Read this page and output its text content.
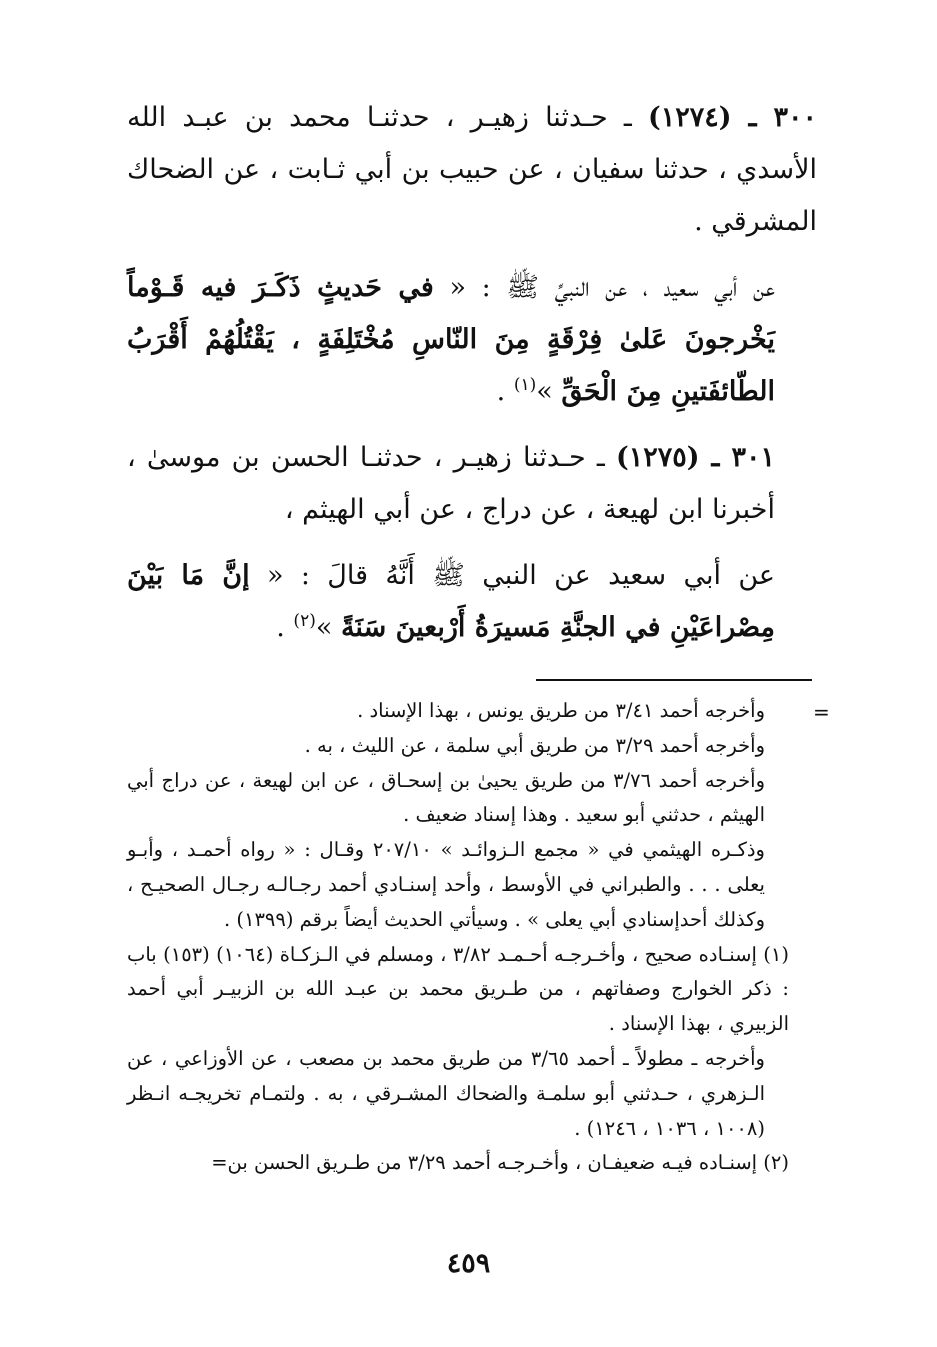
٣٠٠ ـ (١٢٧٤) ـ حـدثنا زهيـر ، حدثنـا محمد بن عبـد الله الأسدي ، حدثنا سفيان ، عن حبيب بن أبي ثـابت ، عن الضحاك المشرقي .

عن أبي سعيد ، عن النبيِّ ﷺ : « في حَديثٍ ذَكَـرَ فيه قَـوْماً يَخْرجونَ عَلىٰ فِرْقَةٍ مِنَ النّاسِ مُخْتَلِفَةٍ ، يَقْتُلُهُمْ أَقْرَبُ الطّائفَتينِ مِنَ الْحَقِّ »$^{(١)}$ .

٣٠١ ـ (١٢٧٥) ـ حـدثنا زهيـر ، حدثنـا الحسن بن موسىٰ ، أخبرنا ابن لهيعة ، عن دراج ، عن أبي الهيثم ،

عن أبي سعيد عن النبي ﷺ أَنَّهُ قالَ : « إنَّ مَا بَيْنَ مِصْراعَيْنِ في الجنَّةِ مَسيرَةُ أَرْبعينَ سَنَةً »$^{(٢)}$ .

=

وأخرجه أحمد ٣/٤١ من طريق يونس ، بهذا الإسناد .

وأخرجه أحمد ٣/٢٩ من طريق أبي سلمة ، عن الليث ، به .

وأخرجه أحمد ٣/٧٦ من طريق يحيىٰ بن إسحـاق ، عن ابن لهيعة ، عن دراج أبي الهيثم ، حدثني أبو سعيد . وهذا إسناد ضعيف .

وذكـره الهيثمي في « مجمع الـزوائـد » ٢٠٧/١٠ وقـال : « رواه أحمـد ، وأبـو يعلى . . . والطبراني في الأوسط ، وأحد إسنـادي أحمد رجـالـه رجـال الصحيـح ، وكذلك أحدإسنادي أبي يعلى » . وسيأتي الحديث أيضاً برقم (١٣٩٩) .

(١) إسنـاده صحيح ، وأخـرجـه أحـمـد ٣/٨٢ ، ومسلم في الـزكـاة (١٠٦٤) (١٥٣) باب : ذكر الخوارج وصفاتهم ، من طـريق محمد بن عبـد الله بن الزبيـر أبي أحمد الزبيري ، بهذا الإسناد .

وأخرجه ـ مطولاً ـ أحمد ٣/٦٥ من طريق محمد بن مصعب ، عن الأوزاعي ، عن الـزهري ، حـدثني أبو سلمـة والضحاك المشـرقي ، به . ولتمـام تخريجـه انـظر (١٠٠٨ ، ١٠٣٦ ، ١٢٤٦) .

(٢) إسنـاده فيـه ضعيفـان ، وأخـرجـه أحمد ٣/٢٩ من طـريق الحسن بن=

٤٥٩
